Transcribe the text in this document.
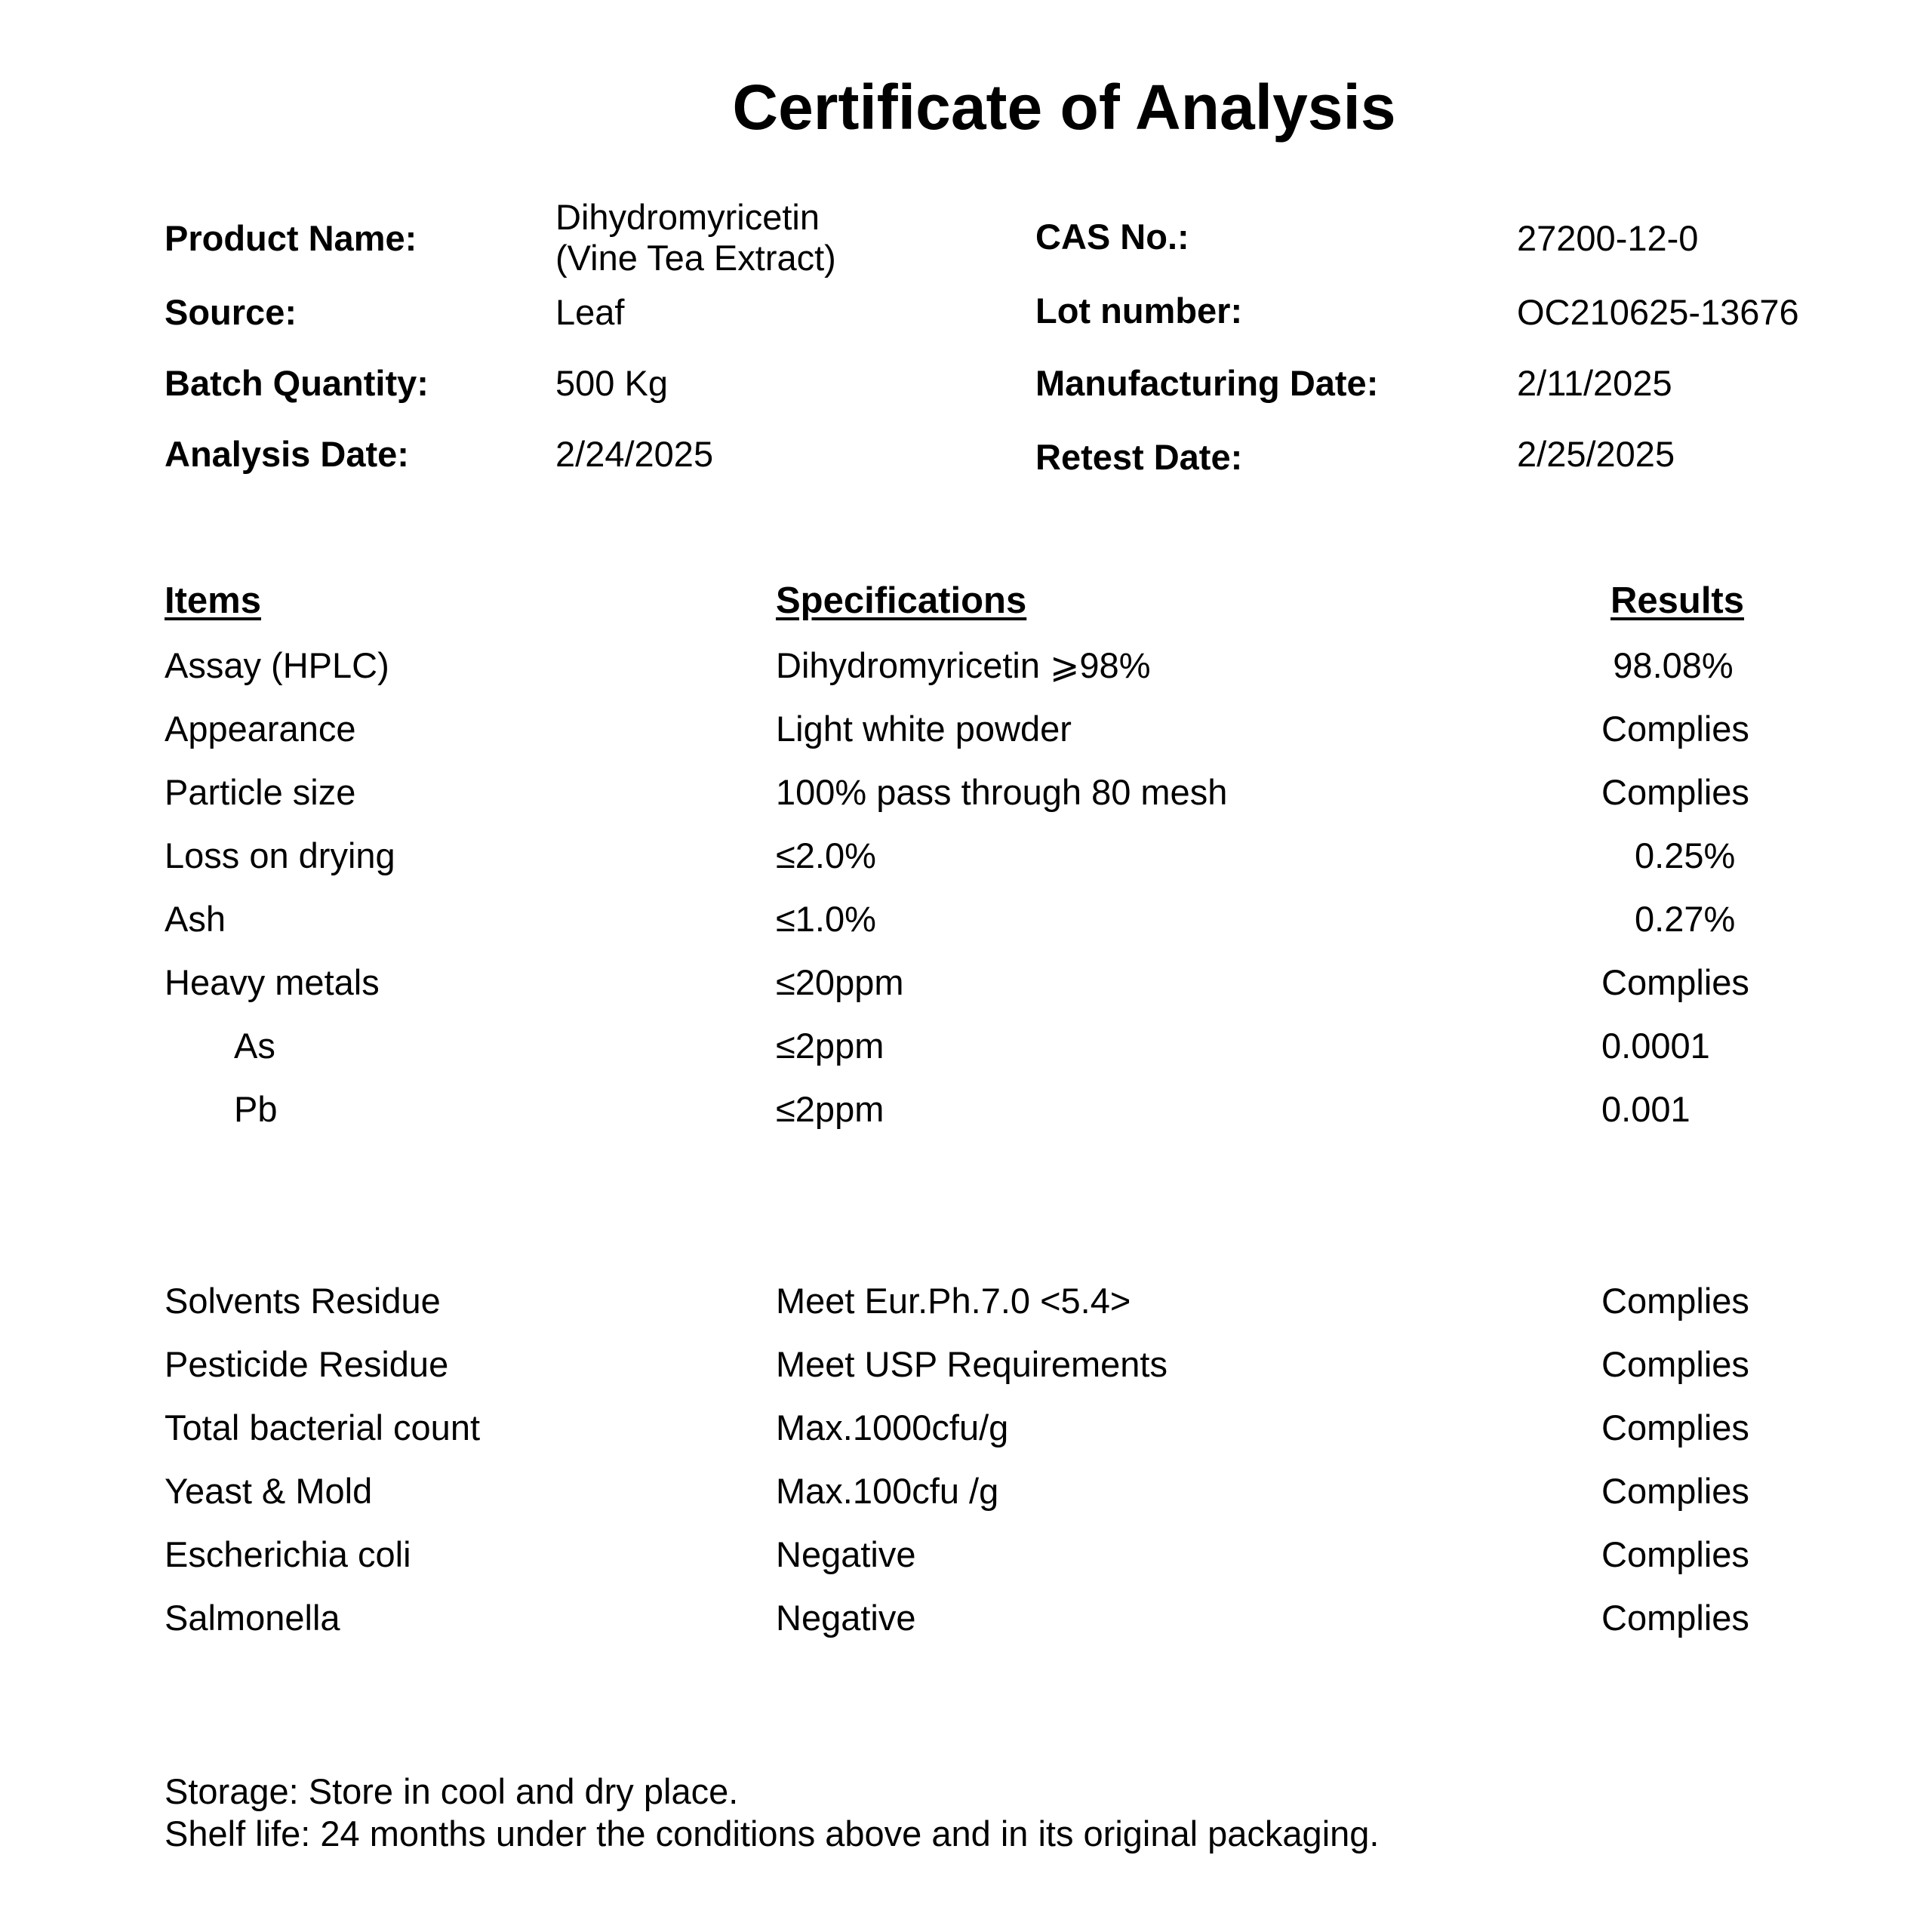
Certificate of Analysis
Product Name:
Dihydromyricetin
(Vine Tea Extract)
CAS No.:	27200-12-0
Source:	Leaf	Lot number:	OC210625-13676
Batch Quantity:	500 Kg	Manufacturing Date:	2/11/2025
Analysis Date:	2/24/2025	Retest Date:	2/25/2025
Items	Specifications	Results
Assay (HPLC)	Dihydromyricetin ⩾98%	98.08%
Appearance	Light white powder	Complies
Particle size	100% pass through 80 mesh	Complies
Loss on drying	≤2.0%	0.25%
Ash	≤1.0%	0.27%
Heavy metals	≤20ppm	Complies
As	≤2ppm	0.0001
Pb	≤2ppm	0.001
Solvents Residue	Meet Eur.Ph.7.0 <5.4>	Complies
Pesticide Residue	Meet USP Requirements	Complies
Total bacterial count	Max.1000cfu/g	Complies
Yeast & Mold	Max.100cfu /g	Complies
Escherichia coli	Negative	Complies
Salmonella	Negative	Complies
Storage: Store in cool and dry place.
Shelf life: 24 months under the conditions above and in its original packaging.
